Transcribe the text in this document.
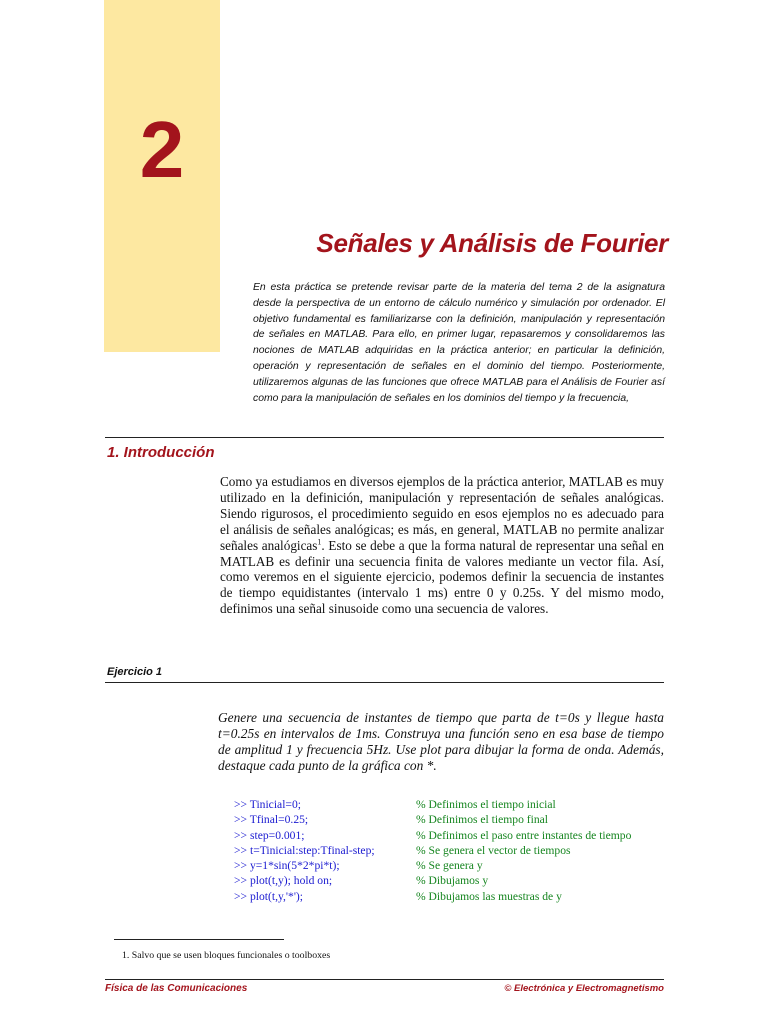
2
Señales y Análisis de Fourier

En esta práctica se pretende revisar parte de la materia del tema 2 de la asignatura desde la perspectiva de un entorno de cálculo numérico y simulación por ordenador. El objetivo fundamental es familiarizarse con la definición, manipulación y representación de señales en MATLAB. Para ello, en primer lugar, repasaremos y consolidaremos las nociones de MATLAB adquiridas en la práctica anterior; en particular la definición, operación y representación de señales en el dominio del tiempo. Posteriormente, utilizaremos algunas de las funciones que ofrece MATLAB para el Análisis de Fourier así como para la manipulación de señales en los dominios del tiempo y la frecuencia,

1. Introducción

Como ya estudiamos en diversos ejemplos de la práctica anterior, MATLAB es muy utilizado en la definición, manipulación y representación de señales analógicas. Siendo rigurosos, el procedimiento seguido en esos ejemplos no es adecuado para el análisis de señales analógicas; es más, en general, MATLAB no permite analizar señales analógicas$^1$. Esto se debe a que la forma natural de representar una señal en MATLAB es definir una secuencia finita de valores mediante un vector fila. Así, como veremos en el siguiente ejercicio, podemos definir la secuencia de instantes de tiempo equidistantes (intervalo 1 ms) entre 0 y 0.25s. Y del mismo modo, definimos una señal sinusoide como una secuencia de valores.

Ejercicio 1

Genere una secuencia de instantes de tiempo que parta de t=0s y llegue hasta t=0.25s en intervalos de 1ms. Construya una función seno en esa base de tiempo de amplitud 1 y frecuencia 5Hz. Use plot para dibujar la forma de onda. Además, destaque cada punto de la gráfica con *.

>> Tinicial=0;	% Definimos el tiempo inicial
>> Tfinal=0.25;	% Definimos el tiempo final
>> step=0.001;	% Definimos el paso entre instantes de tiempo
>> t=Tinicial:step:Tfinal-step;	% Se genera el vector de tiempos
>> y=1*sin(5*2*pi*t);	% Se genera y
>> plot(t,y); hold on;	% Dibujamos y
>> plot(t,y,'*');	% Dibujamos las muestras de y

1. Salvo que se usen bloques funcionales o toolboxes

Física de las Comunicaciones	© Electrónica y Electromagnetismo
